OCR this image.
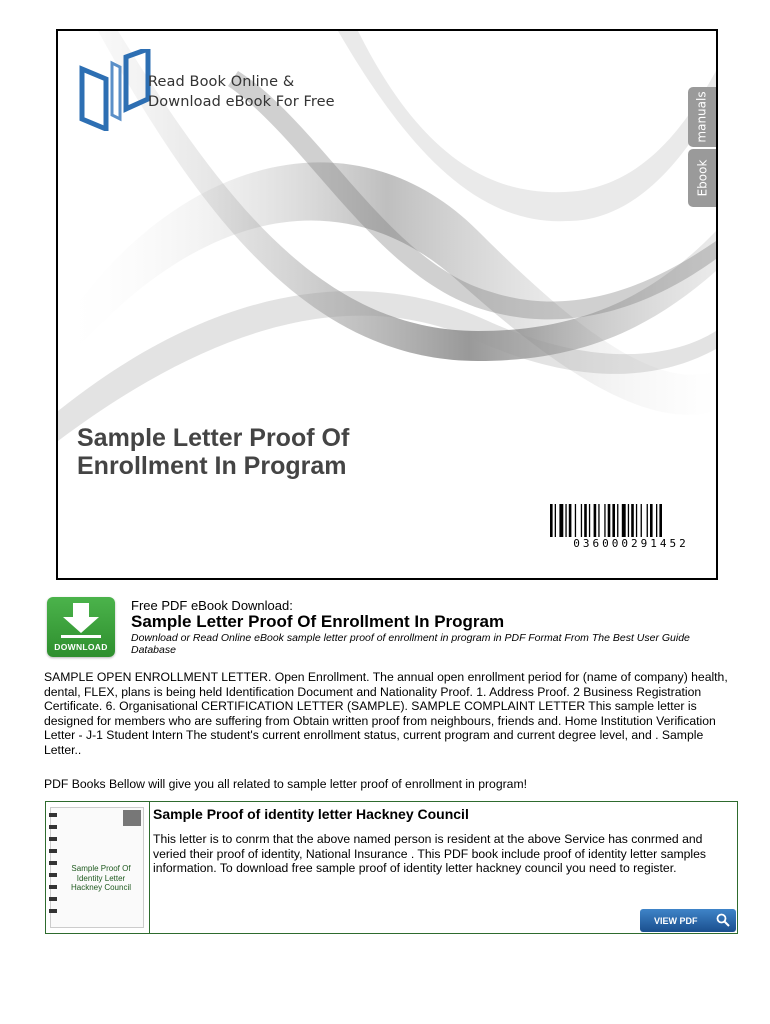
Read Book Online &
Download eBook For Free	manuals
Ebook
Sample Letter Proof Of
Enrollment In Program
036000291452
DOWNLOAD
Free PDF eBook Download:
Sample Letter Proof Of Enrollment In Program
Download or Read Online eBook sample letter proof of enrollment in program in PDF Format From The Best User Guide Database
SAMPLE OPEN ENROLLMENT LETTER. Open Enrollment. The annual open enrollment period for (name of company) health, dental, FLEX, plans is being held Identification Document and Nationality Proof. 1. Address Proof. 2 Business Registration Certificate. 6. Organisational CERTIFICATION LETTER (SAMPLE). SAMPLE COMPLAINT LETTER This sample letter is designed for members who are suffering from Obtain written proof from neighbours, friends and. Home Institution Verification Letter - J-1 Student Intern The student's current enrollment status, current program and current degree level, and . Sample Letter..
PDF Books Bellow will give you all related to sample letter proof of enrollment in program!
Sample Proof Of
Identity Letter
Hackney Council
Sample Proof of identity letter Hackney Council
This letter is to conrm that the above named person is resident at the above Service has conrmed and veried their proof of identity, National Insurance . This PDF book include proof of identity letter samples information. To download free sample proof of identity letter hackney council you need to register.
VIEW PDF
